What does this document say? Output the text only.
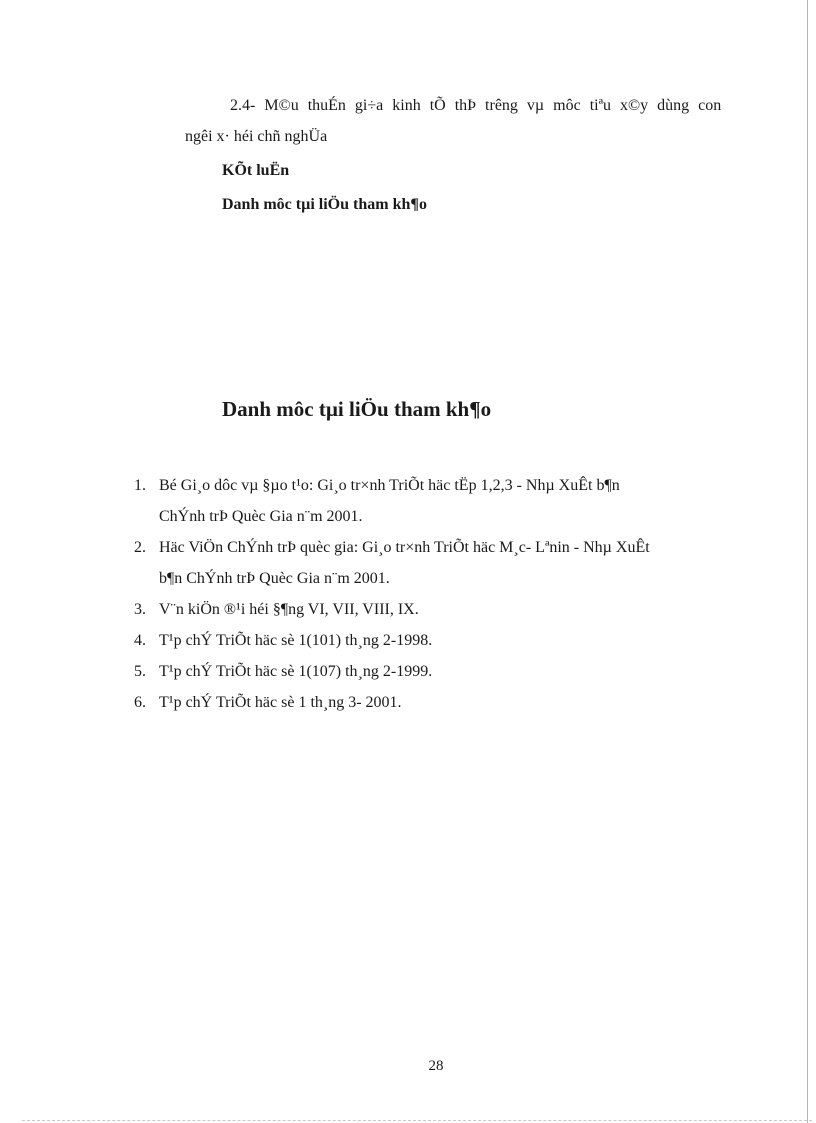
2.4- M©u thuÉn gi÷a kinh tÕ thÞ trêng vµ môc tiªu x©y dùng con
ngêi x· héi chñ nghÜa
KÕt luËn
Danh môc tµi liÖu tham kh¶o
Danh môc tµi liÖu tham kh¶o
1. Bé Gi¸o dôc vµ §µo t¹o: Gi¸o tr×nh TriÕt häc tËp 1,2,3 - Nhµ XuÊt b¶n
ChÝnh trÞ Quèc Gia n¨m 2001.
2. Häc ViÖn ChÝnh trÞ quèc gia: Gi¸o tr×nh TriÕt häc M¸c- Lªnin - Nhµ XuÊt
b¶n ChÝnh trÞ Quèc Gia n¨m 2001.
3. V¨n kiÖn ®¹i héi §¶ng VI, VII, VIII, IX.
4. T¹p chÝ TriÕt häc sè 1(101) th¸ng 2-1998.
5. T¹p chÝ TriÕt häc sè 1(107) th¸ng 2-1999.
6. T¹p chÝ TriÕt häc sè 1 th¸ng 3- 2001.
28
